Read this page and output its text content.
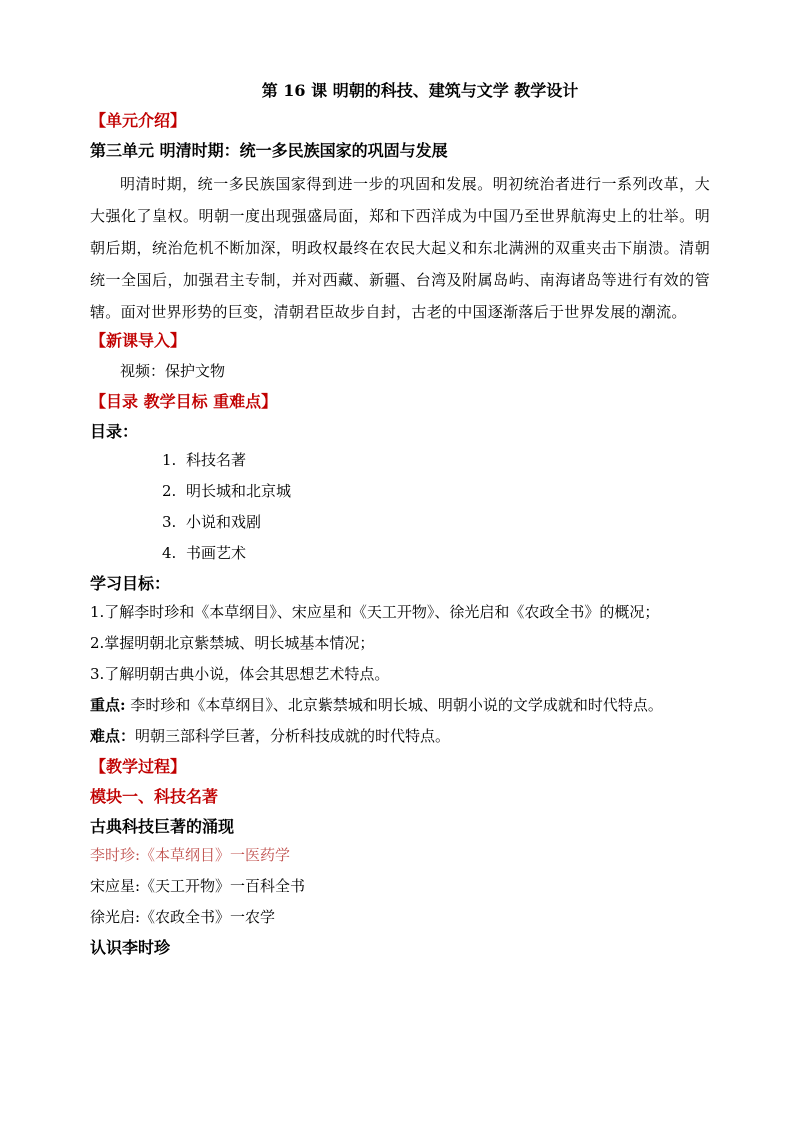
第 16 课 明朝的科技、建筑与文学 教学设计
【单元介绍】
第三单元 明清时期：统一多民族国家的巩固与发展
明清时期，统一多民族国家得到进一步的巩固和发展。明初统治者进行一系列改革，大大强化了皇权。明朝一度出现强盛局面，郑和下西洋成为中国乃至世界航海史上的壮举。明朝后期，统治危机不断加深，明政权最终在农民大起义和东北满洲的双重夹击下崩溃。清朝统一全国后，加强君主专制，并对西藏、新疆、台湾及附属岛屿、南海诸岛等进行有效的管辖。面对世界形势的巨变，清朝君臣故步自封，古老的中国逐渐落后于世界发展的潮流。
【新课导入】
视频：保护文物
【目录 教学目标 重难点】
目录：
1. 科技名著
2. 明长城和北京城
3. 小说和戏剧
4. 书画艺术
学习目标：
1.了解李时珍和《本草纲目》、宋应星和《天工开物》、徐光启和《农政全书》的概况；
2.掌握明朝北京紫禁城、明长城基本情况；
3.了解明朝古典小说，体会其思想艺术特点。
重点: 李时珍和《本草纲目》、北京紫禁城和明长城、明朝小说的文学成就和时代特点。
难点：明朝三部科学巨著，分析科技成就的时代特点。
【教学过程】
模块一、科技名著
古典科技巨著的涌现
李时珍:《本草纲目》一医药学
宋应星:《天工开物》一百科全书
徐光启:《农政全书》一农学
认识李时珍
